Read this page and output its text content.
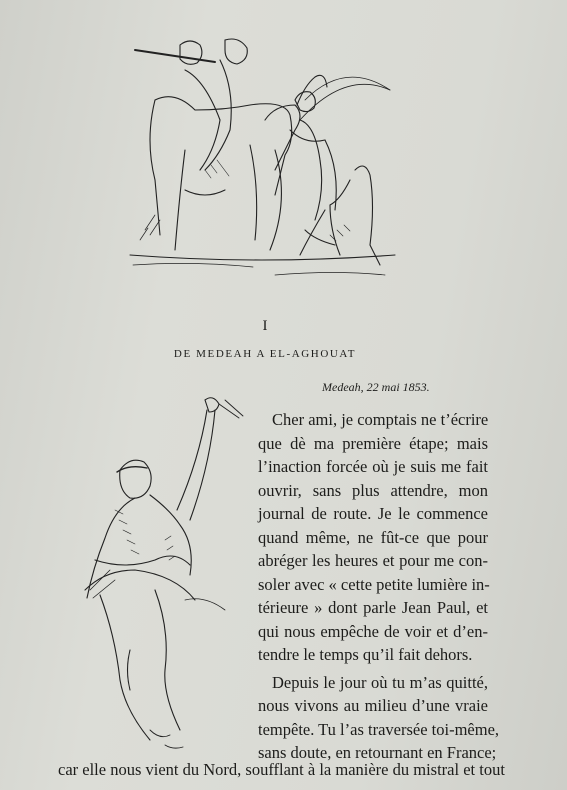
I
DE MEDEAH A EL-AGHOUAT
Medeah, 22 mai 1853.
Cher ami, je comptais ne t’écrire
que dè ma première étape; mais
l’inaction forcée où je suis me fait
ouvrir, sans plus attendre, mon
journal de route. Je le commence
quand même, ne fût-ce que pour
abréger les heures et pour me con-
soler avec « cette petite lumière in-
térieure » dont parle Jean Paul, et
qui nous empêche de voir et d’en-
tendre le temps qu’il fait dehors.
Depuis le jour où tu m’as quitté,
nous vivons au milieu d’une vraie
tempête. Tu l’as traversée toi-même,
sans doute, en retournant en France;
car elle nous vient du Nord, soufflant à la manière du mistral et tout
